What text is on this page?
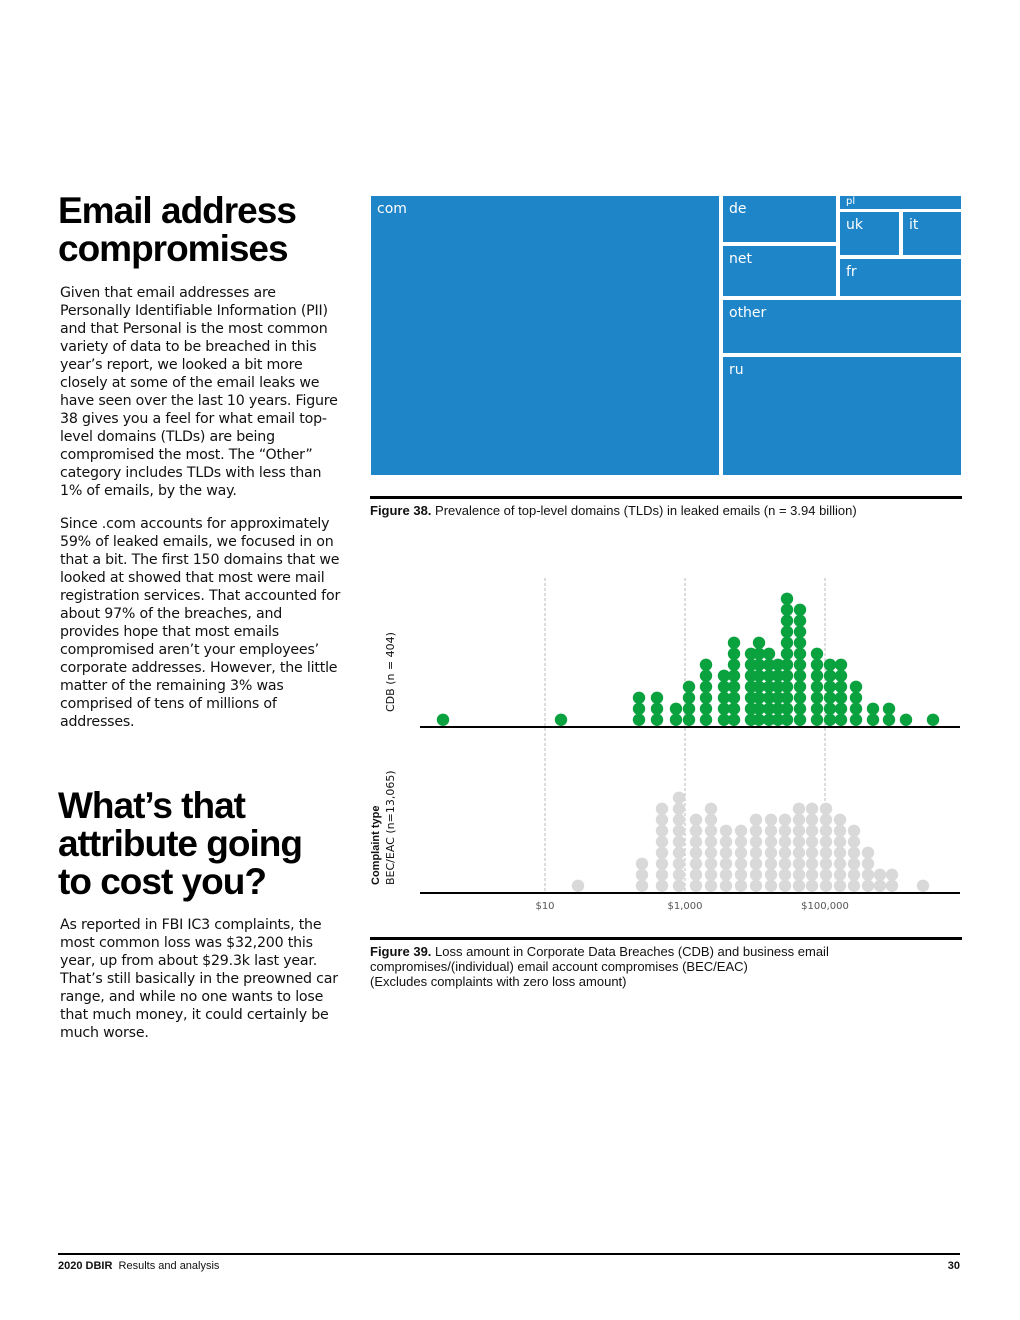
Email address
compromises

Given that email addresses are Personally Identifiable Information (PII) and that Personal is the most common variety of data to be breached in this year’s report, we looked a bit more closely at some of the email leaks we have seen over the last 10 years. Figure 38 gives you a feel for what email top-level domains (TLDs) are being compromised the most. The “Other” category includes TLDs with less than 1% of emails, by the way.

Since .com accounts for approximately 59% of leaked emails, we focused in on that a bit. The first 150 domains that we looked at showed that most were mail registration services. That accounted for about 97% of the breaches, and provides hope that most emails compromised aren’t your employees’ corporate addresses. However, the little matter of the remaining 3% was comprised of tens of millions of addresses.

What’s that
attribute going
to cost you?

As reported in FBI IC3 complaints, the most common loss was $32,200 this year, up from about $29.3k last year. That’s still basically in the preowned car range, and while no one wants to lose that much money, it could certainly be much worse.

com	de	pl
uk	it
net
fr
other
ru
Figure 38. Prevalence of top-level domains (TLDs) in leaked emails (n = 3.94 billion)
CDB (n = 404)
Complaint type BEC/EAC (n=13,065)
$10	$1,000	$100,000
Figure 39. Loss amount in Corporate Data Breaches (CDB) and business email compromises/(individual) email account compromises (BEC/EAC)
(Excludes complaints with zero loss amount)
2020 DBIR Results and analysis	30
